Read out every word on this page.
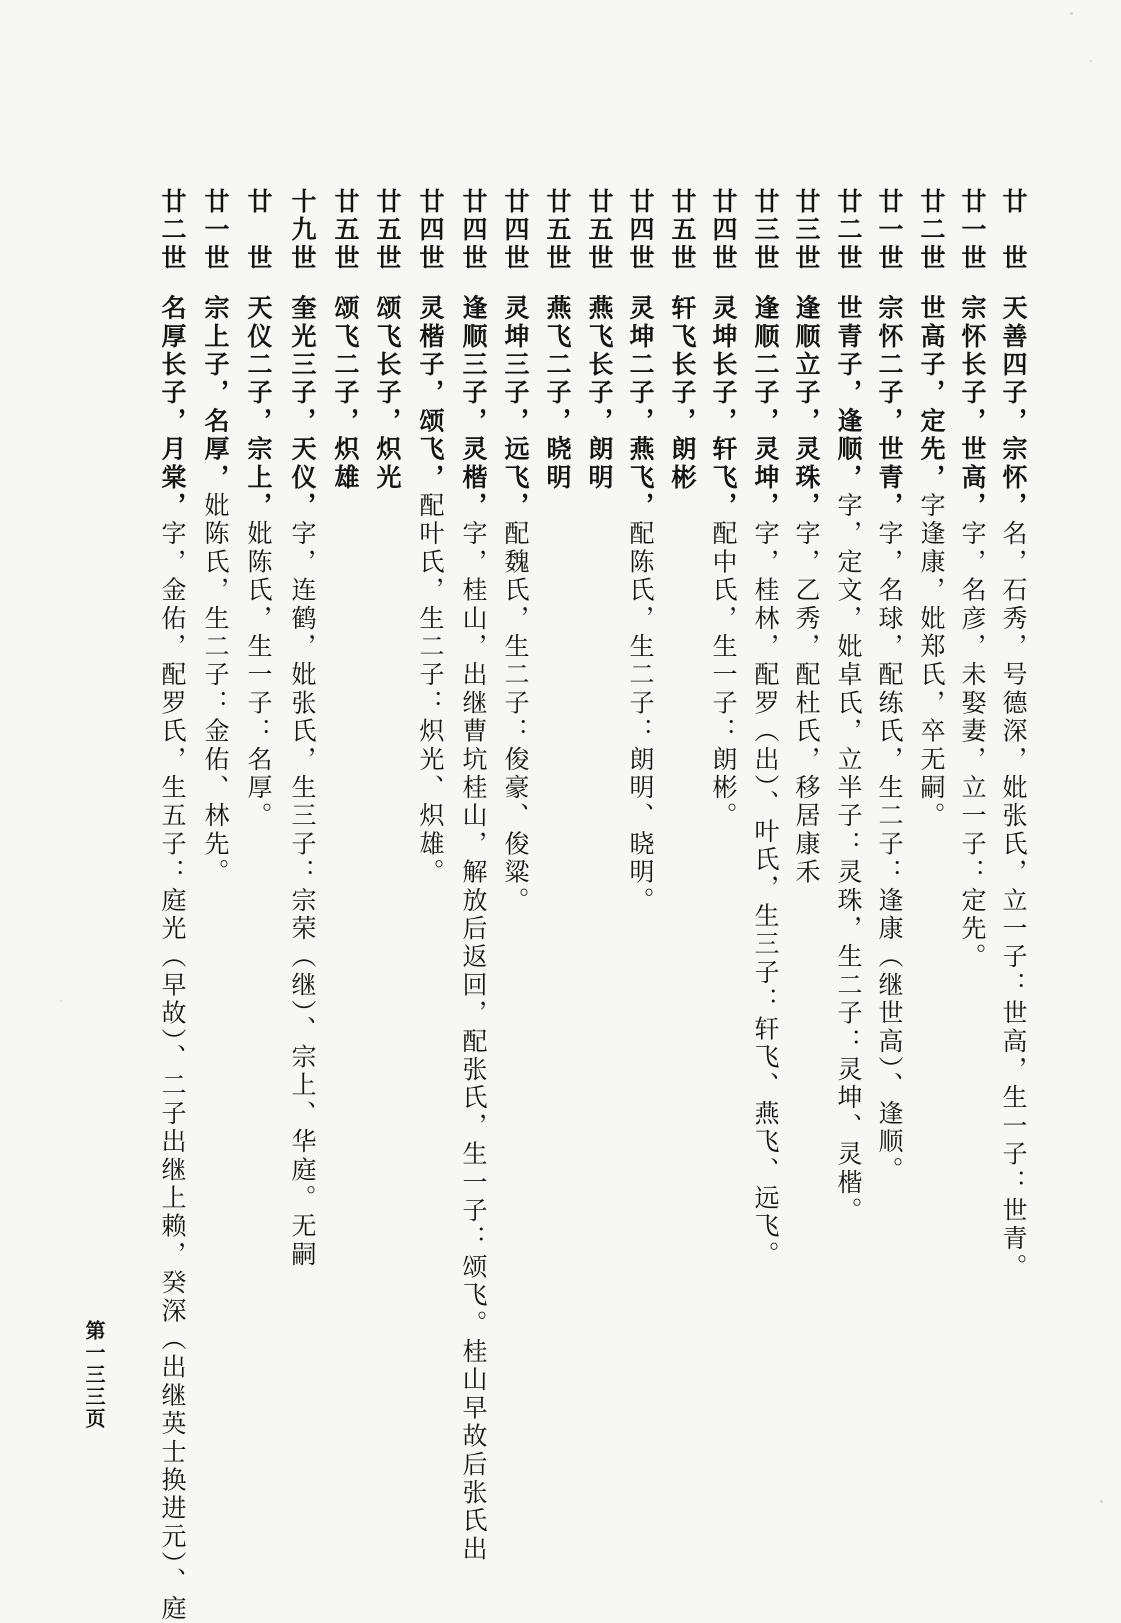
廿　世天善四子，宗怀，名，石秀，号德深，妣张氏，立一子：世高，生一子：世青。
廿一世宗怀长子，世高，字，名彦，未娶妻，立一子：定先。
廿二世世高子，定先，字逢康，妣郑氏，卒无嗣。
廿一世宗怀二子，世青，字，名球，配练氏，生二子：逢康（继世高）、逢顺。
廿二世世青子，逢顺，字，定文，妣卓氏，立半子：灵珠，生二子：灵坤、灵楷。
廿三世逢顺立子，灵珠，字，乙秀，配杜氏，移居康禾
廿三世逢顺二子，灵坤，字，桂林，配罗（出）、叶氏，生三子：轩飞、燕飞、远飞。
廿四世灵坤长子，轩飞，配中氏，生一子：朗彬。
廿五世轩飞长子，朗彬
廿四世灵坤二子，燕飞，配陈氏，生二子：朗明、晓明。
廿五世燕飞长子，朗明
廿五世燕飞二子，晓明
廿四世灵坤三子，远飞，配魏氏，生二子：俊豪、俊粱。
廿四世逢顺三子，灵楷，字，桂山，出继曹坑桂山，解放后返回，配张氏，生一子：颂飞。桂山早故后张氏出
廿四世灵楷子，颂飞，配叶氏，生二子：炽光、炽雄。
廿五世颂飞长子，炽光
廿五世颂飞二子，炽雄
十九世奎光三子，天仪，字，连鹤，妣张氏，生三子：宗荣（继）、宗上、华庭。无嗣
廿　世天仪二子，宗上，妣陈氏，生一子：名厚。
廿一世宗上子，名厚，妣陈氏，生二子：金佑、林先。
廿二世名厚长子，月棠，字，金佑，配罗氏，生五子：庭光（早故）、二子出继上赖，癸深（出继英士换进元）、庭
第一三三页
